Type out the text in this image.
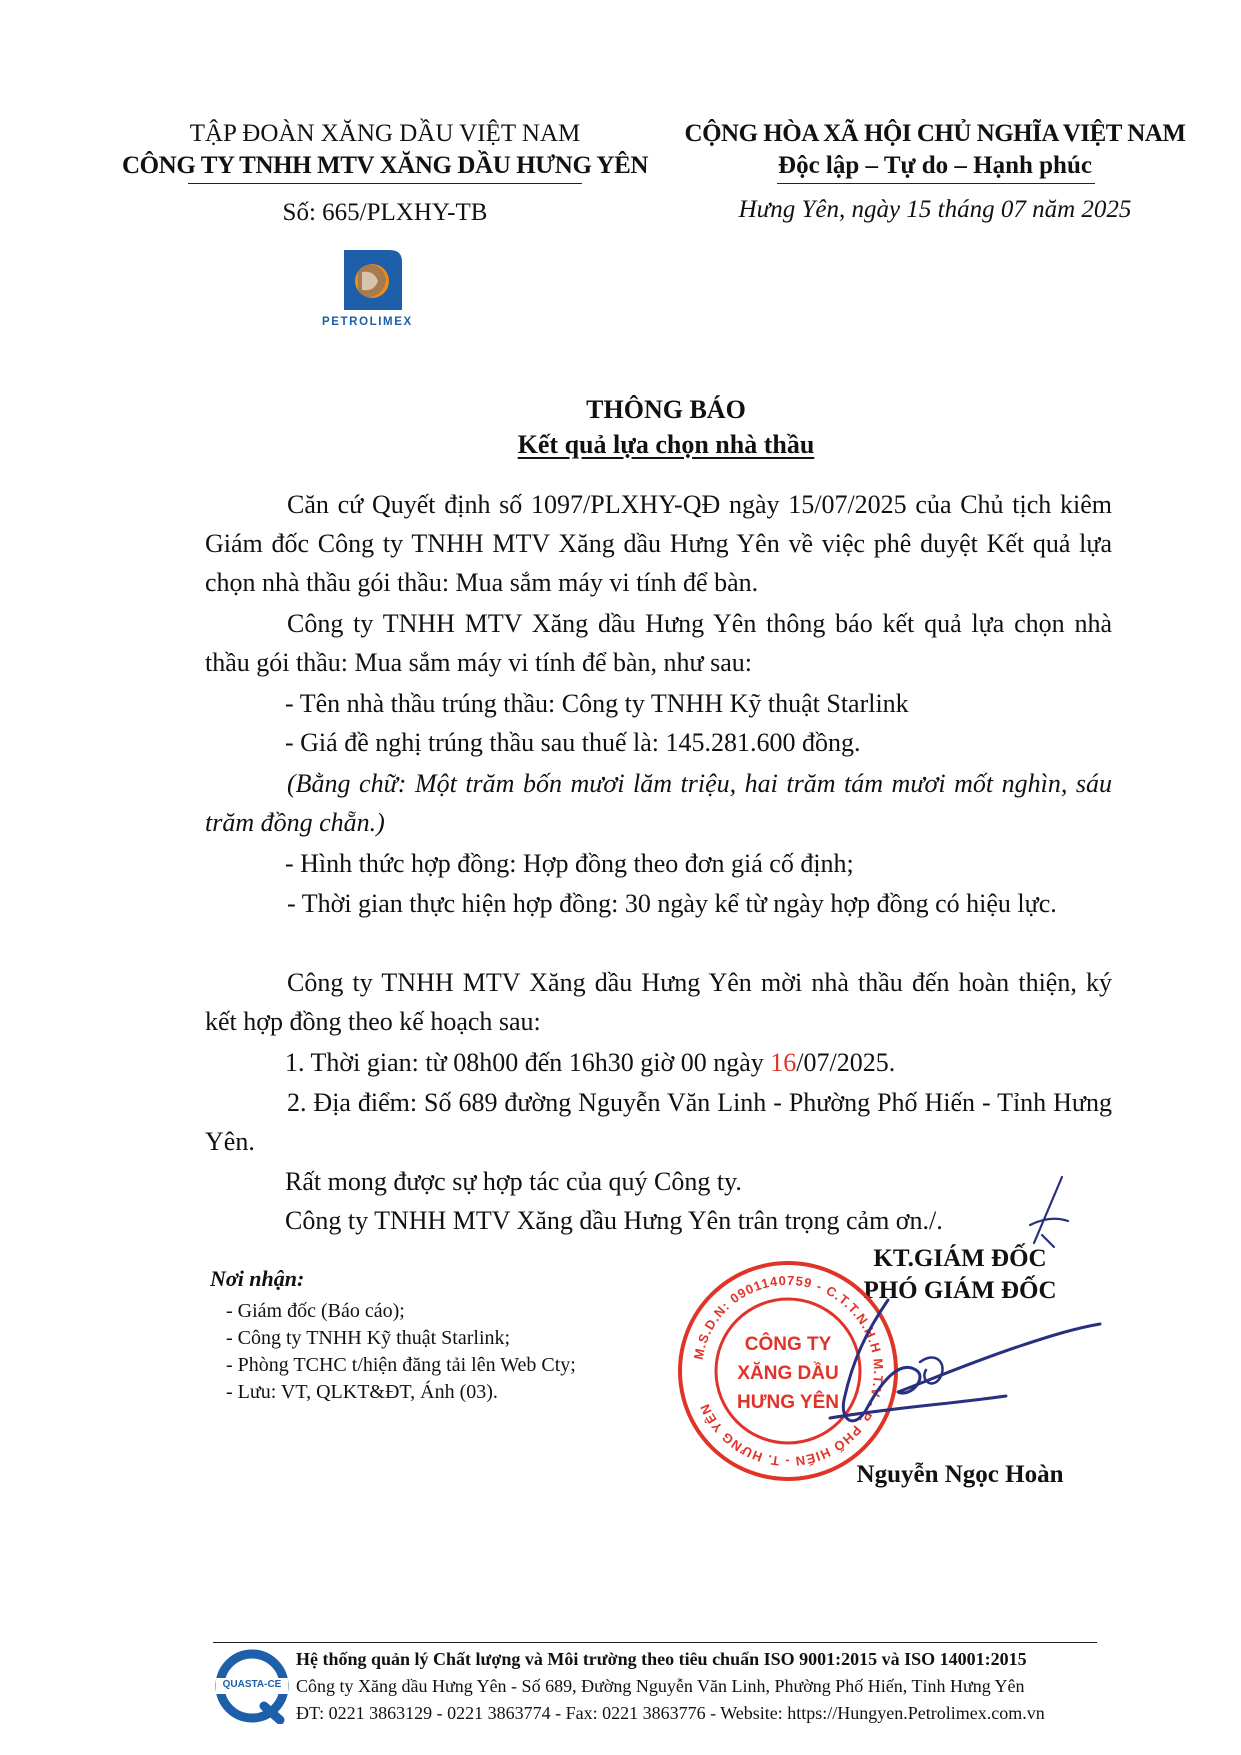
TẬP ĐOÀN XĂNG DẦU VIỆT NAM
CÔNG TY TNHH MTV XĂNG DẦU HƯNG YÊN
Số: 665/PLXHY-TB
PETROLIMEX
CỘNG HÒA XÃ HỘI CHỦ NGHĨA VIỆT NAM
Độc lập – Tự do – Hạnh phúc
Hưng Yên, ngày 15 tháng 07 năm 2025
THÔNG BÁO
Kết quả lựa chọn nhà thầu
Căn cứ Quyết định số 1097/PLXHY-QĐ ngày 15/07/2025 của Chủ tịch kiêm Giám đốc Công ty TNHH MTV Xăng dầu Hưng Yên về việc phê duyệt Kết quả lựa chọn nhà thầu gói thầu: Mua sắm máy vi tính để bàn.
Công ty TNHH MTV Xăng dầu Hưng Yên thông báo kết quả lựa chọn nhà thầu gói thầu: Mua sắm máy vi tính để bàn, như sau:
- Tên nhà thầu trúng thầu: Công ty TNHH Kỹ thuật Starlink
- Giá đề nghị trúng thầu sau thuế là: 145.281.600 đồng.
(Bằng chữ: Một trăm bốn mươi lăm triệu, hai trăm tám mươi mốt nghìn, sáu trăm đồng chẵn.)
- Hình thức hợp đồng: Hợp đồng theo đơn giá cố định;
- Thời gian thực hiện hợp đồng: 30 ngày kể từ ngày hợp đồng có hiệu lực.
Công ty TNHH MTV Xăng dầu Hưng Yên mời nhà thầu đến hoàn thiện, ký kết hợp đồng theo kế hoạch sau:
1. Thời gian: từ 08h00 đến 16h30 giờ 00 ngày 16/07/2025.
2. Địa điểm: Số 689 đường Nguyễn Văn Linh - Phường Phố Hiến - Tỉnh Hưng Yên.
Rất mong được sự hợp tác của quý Công ty.
Công ty TNHH MTV Xăng dầu Hưng Yên trân trọng cảm ơn./.
Nơi nhận:
- Giám đốc (Báo cáo);
- Công ty TNHH Kỹ thuật Starlink;
- Phòng TCHC t/hiện đăng tải lên Web Cty;
- Lưu: VT, QLKT&ĐT, Ánh (03).
KT.GIÁM ĐỐC
PHÓ GIÁM ĐỐC
M.S.D.N: 0901140759 - C.T.T.N.H.H M.T.V - P. PHỐ HIẾN - T. HƯNG YÊN
CÔNG TY
XĂNG DẦU
HƯNG YÊN
Nguyễn Ngọc Hoàn
QUASTA-CE
Hệ thống quản lý Chất lượng và Môi trường theo tiêu chuẩn ISO 9001:2015 và ISO 14001:2015
Công ty Xăng dầu Hưng Yên - Số 689, Đường Nguyễn Văn Linh, Phường Phố Hiến, Tỉnh Hưng Yên
ĐT: 0221 3863129 - 0221 3863774 - Fax: 0221 3863776 - Website: https://Hungyen.Petrolimex.com.vn
